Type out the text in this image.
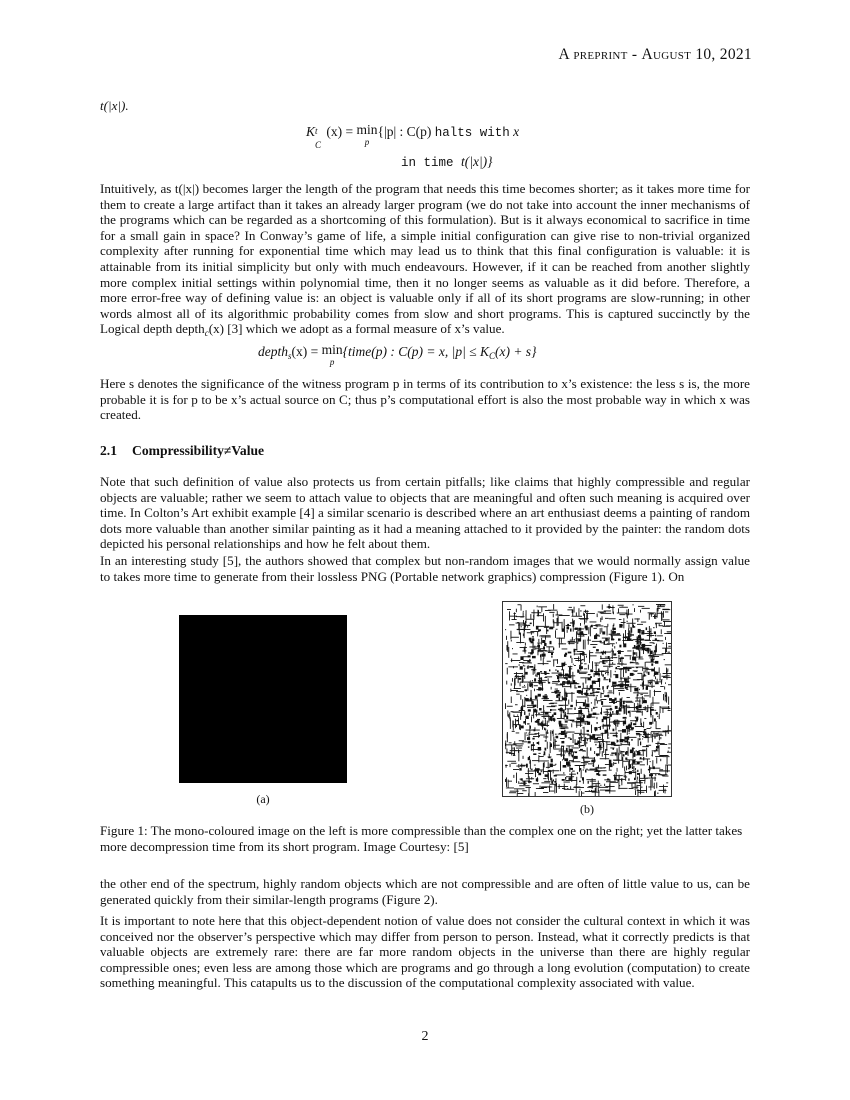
A preprint - August 10, 2021
t(|x|).
K t
C
(x) = min
p
{|p| : C(p) halts with x
in time t(|x|)}

Intuitively, as t(|x|) becomes larger the length of the program that needs this time becomes shorter; as it takes more time for them to create a large artifact than it takes an already larger program (we do not take into account the inner mechanisms of the programs which can be regarded as a shortcoming of this formulation). But is it always economical to sacrifice in time for a small gain in space? In Conway’s game of life, a simple initial configuration can give rise to non-trivial organized complexity after running for exponential time which may lead us to think that this final configuration is valuable: it is attainable from its initial simplicity but only with much endeavours. However, if it can be reached from another slightly more complex initial settings within polynomial time, then it no longer seems as valuable as it did before. Therefore, a more error-free way of defining value is: an object is valuable only if all of its short programs are slow-running; in other words almost all of its algorithmic probability comes from slow and short programs. This is captured succinctly by the Logical depth depth$_c$(x) [3] which we adopt as a formal measure of x’s value.

depth$_s$(x) = min
p
{time(p) : C(p) = x, $|p| \le K_C(x) + s$}

Here s denotes the significance of the witness program p in terms of its contribution to x’s existence: the less s is, the more probable it is for p to be x’s actual source on C; thus p’s computational effort is also the most probable way in which x was created.

2.1 Compressibility≠Value

Note that such definition of value also protects us from certain pitfalls; like claims that highly compressible and regular objects are valuable; rather we seem to attach value to objects that are meaningful and often such meaning is acquired over time. In Colton’s Art exhibit example [4] a similar scenario is described where an art enthusiast deems a painting of random dots more valuable than another similar painting as it had a meaning attached to it provided by the painter: the random dots depicted his personal relationships and how he felt about them.

In an interesting study [5], the authors showed that complex but non-random images that we would normally assign value to takes more time to generate from their lossless PNG (Portable network graphics) compression (Figure 1). On

(a)
(b)
Figure 1: The mono-coloured image on the left is more compressible than the complex one on the right; yet the latter takes more decompression time from its short program. Image Courtesy: [5]

the other end of the spectrum, highly random objects which are not compressible and are often of little value to us, can be generated quickly from their similar-length programs (Figure 2).

It is important to note here that this object-dependent notion of value does not consider the cultural context in which it was conceived nor the observer’s perspective which may differ from person to person. Instead, what it correctly predicts is that valuable objects are extremely rare: there are far more random objects in the universe than there are highly regular compressible ones; even less are among those which are programs and go through a long evolution (computation) to create something meaningful. This catapults us to the discussion of the computational complexity associated with value.

2
